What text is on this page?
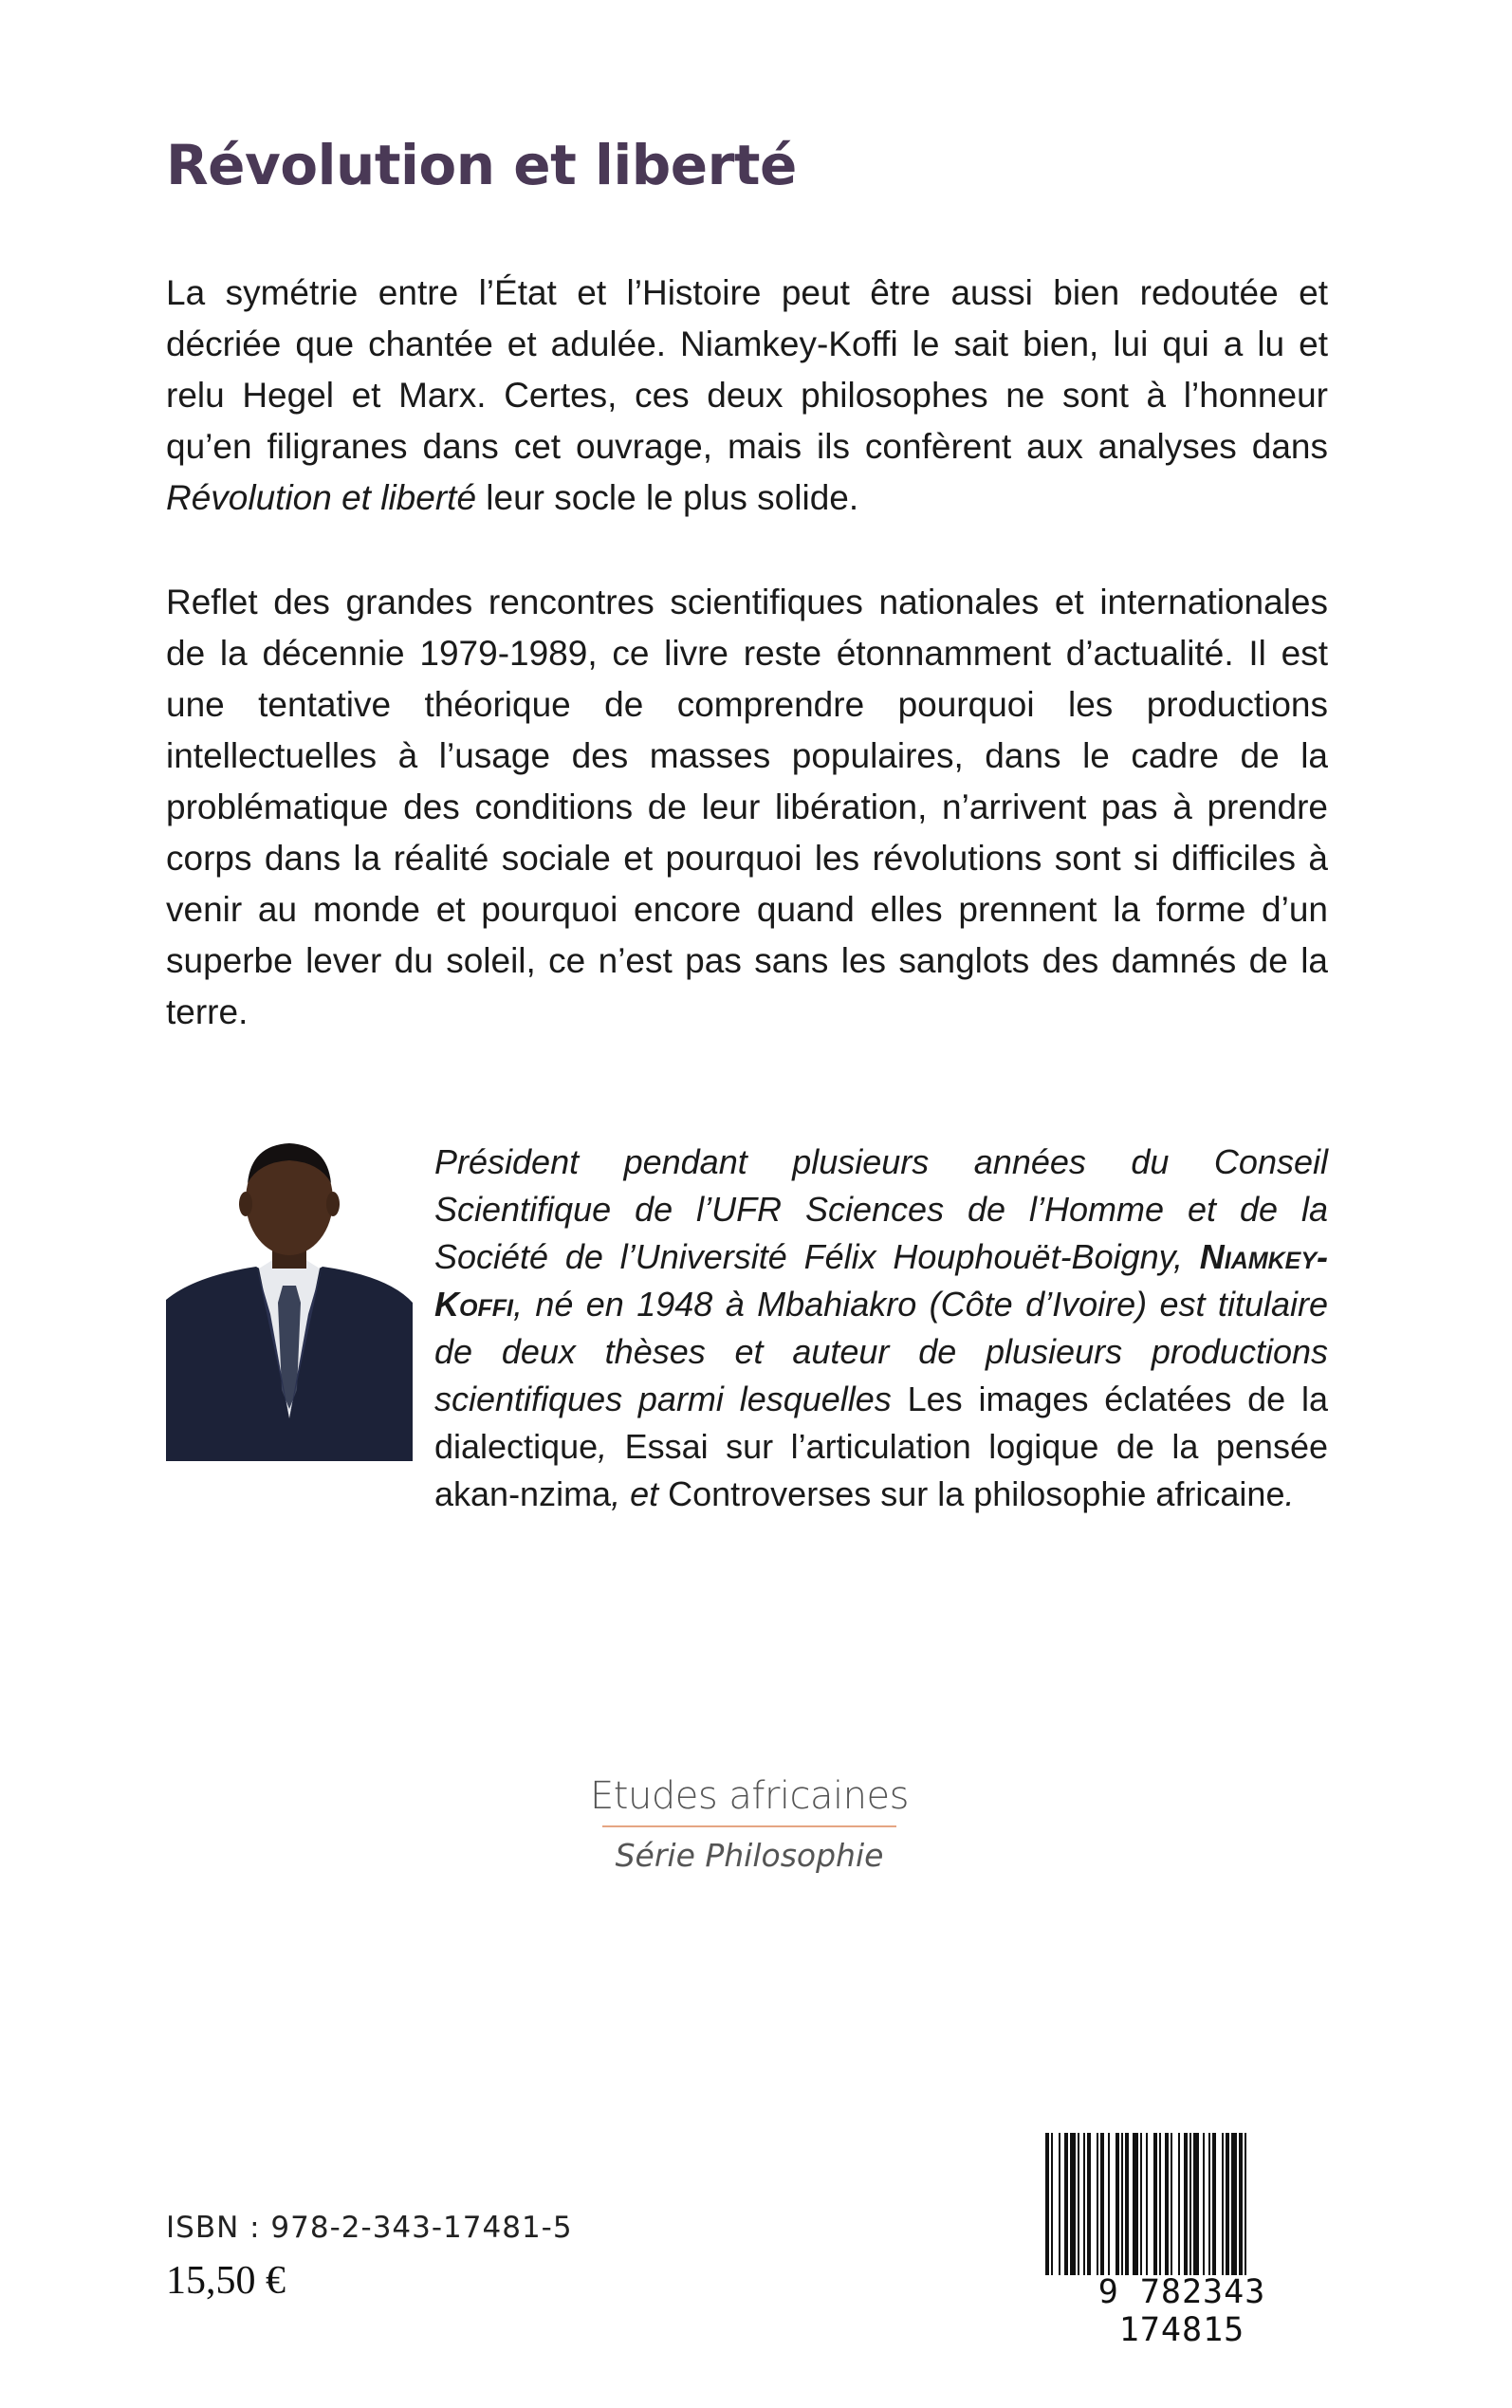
Révolution et liberté

La symétrie entre l’État et l’Histoire peut être aussi bien redoutée et décriée que chantée et adulée. Niamkey-Koffi le sait bien, lui qui a lu et relu Hegel et Marx. Certes, ces deux philosophes ne sont à l’honneur qu’en filigranes dans cet ouvrage, mais ils confèrent aux analyses dans Révolution et liberté leur socle le plus solide.

Reflet des grandes rencontres scientifiques nationales et internationales de la décennie 1979-1989, ce livre reste étonnamment d’actualité. Il est une tentative théorique de comprendre pourquoi les productions intellectuelles à l’usage des masses populaires, dans le cadre de la problématique des conditions de leur libération, n’arrivent pas à prendre corps dans la réalité sociale et pourquoi les révolutions sont si difficiles à venir au monde et pourquoi encore quand elles prennent la forme d’un superbe lever du soleil, ce n’est pas sans les sanglots des damnés de la terre.

Président pendant plusieurs années du Conseil Scientifique de l’UFR Sciences de l’Homme et de la Société de l’Université Félix Houphouët-Boigny, Niamkey-Koffi, né en 1948 à Mbahiakro (Côte d’Ivoire) est titulaire de deux thèses et auteur de plusieurs productions scientifiques parmi lesquelles Les images éclatées de la dialectique, Essai sur l’articulation logique de la pensée akan-nzima, et Controverses sur la philosophie africaine.

Etudes africaines
Série Philosophie
ISBN : 978-2-343-17481-5
15,50 €	9 782343 174815
